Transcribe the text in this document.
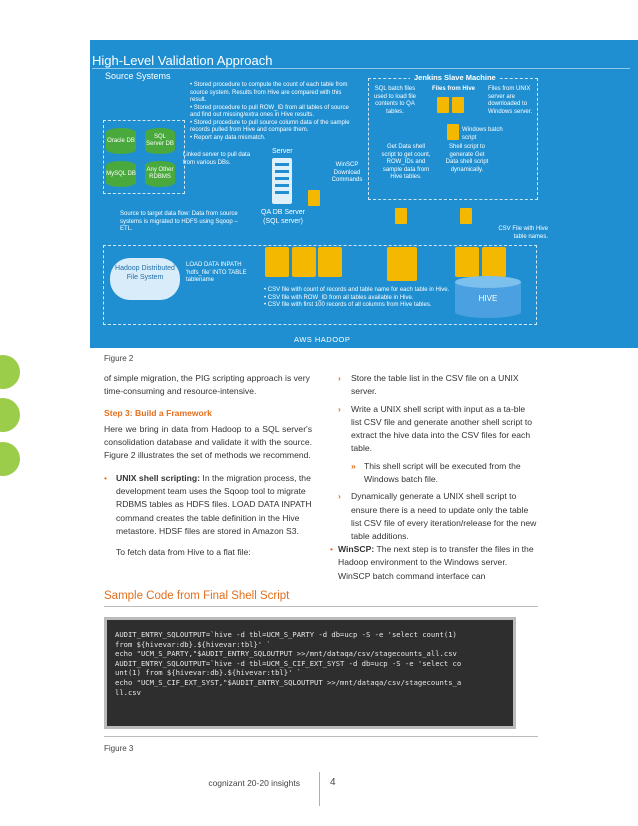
High-Level Validation Approach
Source Systems
Oracle DB
SQL Server DB
MySQL DB
Any Other RDBMS
• Stored procedure to compute the count of each table from source system. Results from Hive are compared with this result.
• Stored procedure to pull ROW_ID from all tables of source and find out missing/extra ones in Hive results.
• Stored procedure to pull source column data of the sample records pulled from Hive and compare them.
• Report any data mismatch.
Linked server to pull data from various DBs.
Server
QA DB Server (SQL server)
WinSCP Download Commands
Source to target data flow: Data from source systems is migrated to HDFS using Sqoop – ETL.
Jenkins Slave Machine
SQL batch files used to load file contents to QA tables.
Files from Hive Files from UNIX server are downloaded to Windows server.
Windows batch script
Get Data shell script to get count, ROW_IDs and sample data from Hive tables.
Shell script to generate Get Data shell script dynamically.
CSV File with Hive table names.
Hadoop Distributed File System
LOAD DATA INPATH 'hdfs_file' INTO TABLE tablename
• CSV file with count of records and table name for each table in Hive.
• CSV file with ROW_ID from all tables available in Hive.
• CSV file with first 100 records of all columns from Hive tables.
HIVE
AWS HADOOP
Figure 2

of simple migration, the PIG scripting approach is very time-consuming and resource-intensive.

Step 3: Build a Framework

Here we bring in data from Hadoop to a SQL server's consolidation database and validate it with the source. Figure 2 illustrates the set of methods we recommend.

•	UNIX shell scripting: In the migration process, the development team uses the Sqoop tool to migrate RDBMS tables as HDFS files. LOAD DATA INPATH command creates the table definition in the Hive metastore. HDSF files are stored in Amazon S3.

To fetch data from Hive to a flat file:

›	Store the table list in the CSV file on a UNIX server.

›	Write a UNIX shell script with input as a ta-ble list CSV file and generate another shell script to extract the hive data into the CSV files for each table.

» This shell script will be executed from the Windows batch file.

›	Dynamically generate a UNIX shell script to ensure there is a need to update only the table list CSV file of every iteration/release for the new table additions.

• WinSCP: The next step is to transfer the files in the Hadoop environment to the Windows server. WinSCP batch command interface can

Sample Code from Final Shell Script
AUDIT_ENTRY_SQLOUTPUT=`hive -d tbl=UCM_S_PARTY -d db=ucp -S -e 'select count(1)
from ${hivevar:db}.${hivevar:tbl}' `
echo "UCM_S_PARTY,"$AUDIT_ENTRY_SQLOUTPUT >>/mnt/dataqa/csv/stagecounts_all.csv
AUDIT_ENTRY_SQLOUTPUT=`hive -d tbl=UCM_S_CIF_EXT_SYST -d db=ucp -S -e 'select co
unt(1) from ${hivevar:db}.${hivevar:tbl}' `
echo "UCM_S_CIF_EXT_SYST,"$AUDIT_ENTRY_SQLOUTPUT >>/mnt/dataqa/csv/stagecounts_a
ll.csv
Figure 3
cognizant 20-20 insights	4
